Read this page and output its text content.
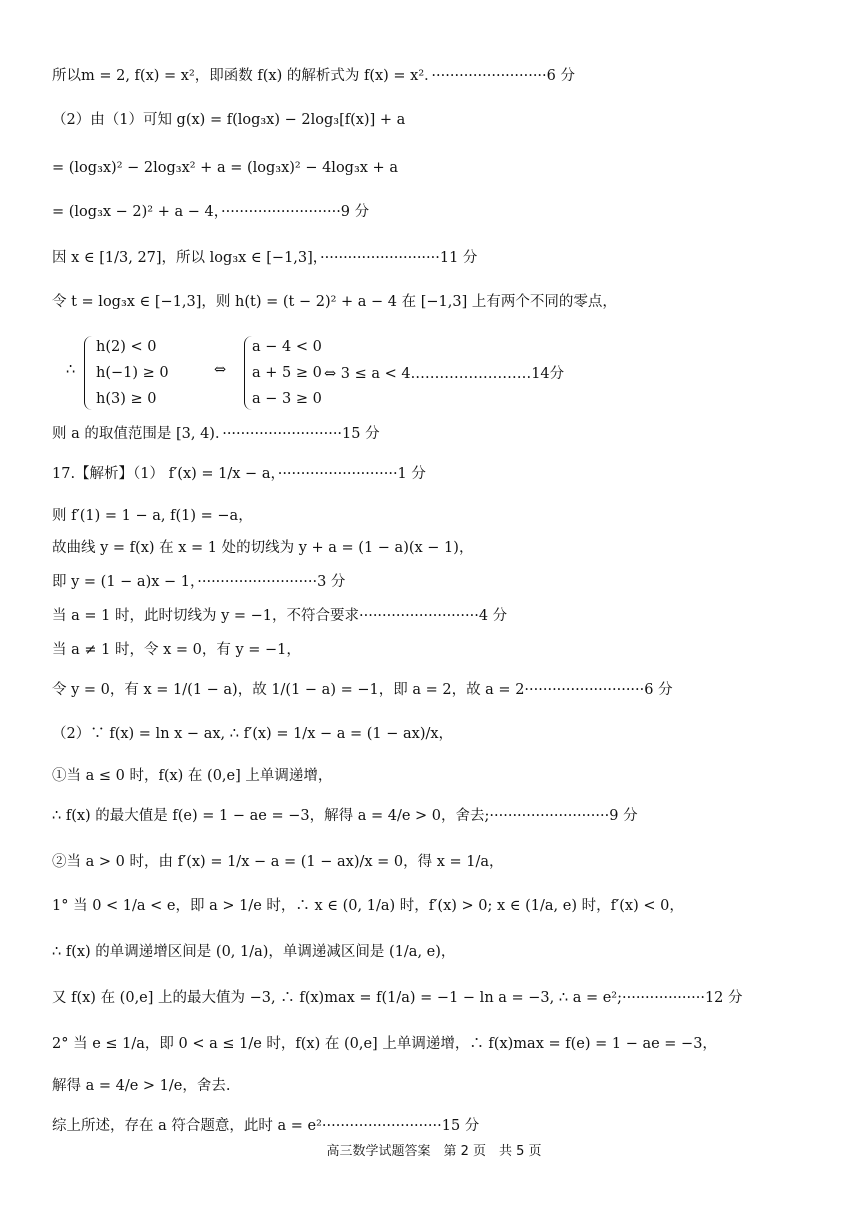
所以m = 2, f(x) = x²，即函数 f(x) 的解析式为 f(x) = x²．·························6 分
（2）由（1）可知 g(x) = f(log₃x) − 2log₃[f(x)] + a
= (log₃x)² − 2log₃x² + a = (log₃x)² − 4log₃x + a
= (log₃x − 2)² + a − 4，··························9 分
因 x ∈ [1/3, 27]，所以 log₃x ∈ [−1,3]，··························11 分
令 t = log₃x ∈ [−1,3]，则 h(t) = (t − 2)² + a − 4 在 [−1,3] 上有两个不同的零点，
∴
h(2) < 0
h(−1) ≥ 0
h(3) ≥ 0
⇔
a − 4 < 0
a + 5 ≥ 0
a − 3 ≥ 0
⇔ 3 ≤ a < 4.……………………14分
则 a 的取值范围是 [3, 4)．··························15 分
17.【解析】（1） f′(x) = 1/x − a，··························1 分
则 f′(1) = 1 − a, f(1) = −a，
故曲线 y = f(x) 在 x = 1 处的切线为 y + a = (1 − a)(x − 1)，
即 y = (1 − a)x − 1，··························3 分
当 a = 1 时，此时切线为 y = −1，不符合要求··························4 分
当 a ≠ 1 时，令 x = 0，有 y = −1，
令 y = 0，有 x = 1/(1 − a)，故 1/(1 − a) = −1，即 a = 2，故 a = 2··························6 分
（2）∵ f(x) = ln x − ax, ∴ f′(x) = 1/x − a = (1 − ax)/x，
①当 a ≤ 0 时，f(x) 在 (0,e] 上单调递增，
∴ f(x) 的最大值是 f(e) = 1 − ae = −3，解得 a = 4/e > 0，舍去;··························9 分
②当 a > 0 时，由 f′(x) = 1/x − a = (1 − ax)/x = 0，得 x = 1/a，
1° 当 0 < 1/a < e，即 a > 1/e 时，∴ x ∈ (0, 1/a) 时，f′(x) > 0; x ∈ (1/a, e) 时，f′(x) < 0，
∴ f(x) 的单调递增区间是 (0, 1/a)，单调递减区间是 (1/a, e)，
又 f(x) 在 (0,e] 上的最大值为 −3, ∴ f(x)max = f(1/a) = −1 − ln a = −3, ∴ a = e²;··················12 分
2° 当 e ≤ 1/a，即 0 < a ≤ 1/e 时，f(x) 在 (0,e] 上单调递增，∴ f(x)max = f(e) = 1 − ae = −3，
解得 a = 4/e > 1/e，舍去.
综上所述，存在 a 符合题意，此时 a = e²··························15 分
高三数学试题答案　第 2 页　共 5 页
